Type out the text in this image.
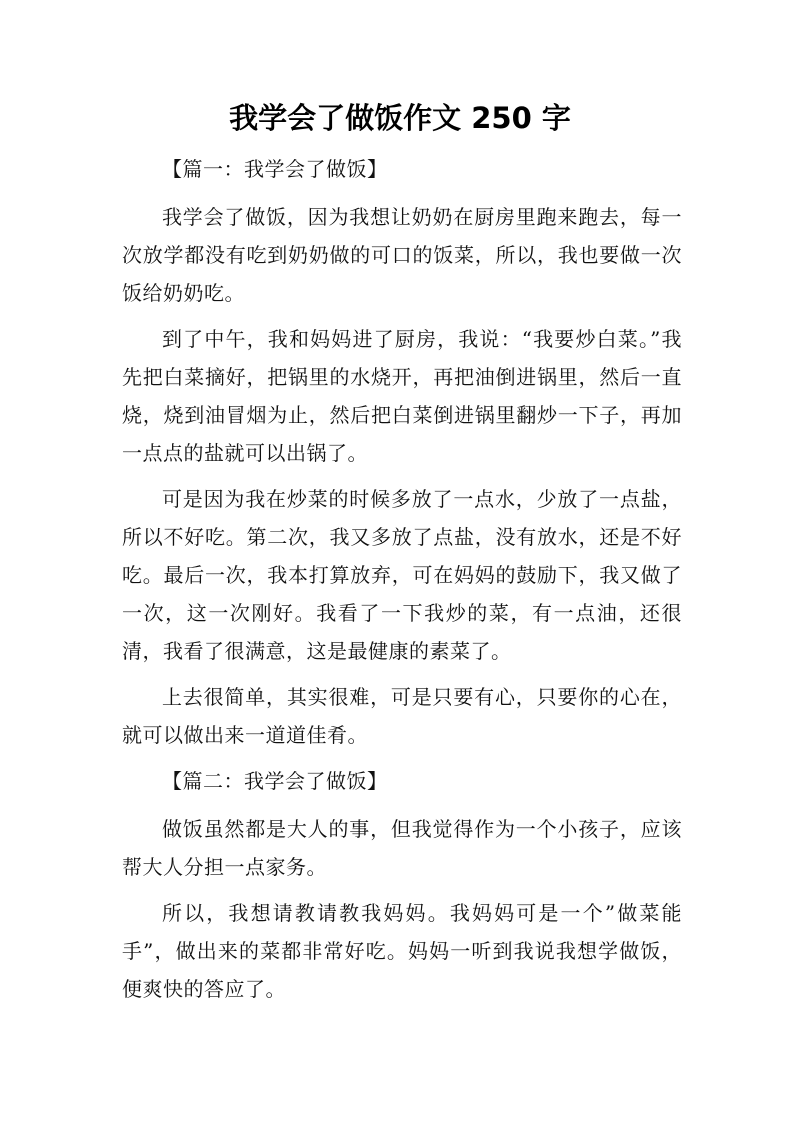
我学会了做饭作文 250 字

【篇一：我学会了做饭】

我学会了做饭，因为我想让奶奶在厨房里跑来跑去，每一次放学都没有吃到奶奶做的可口的饭菜，所以，我也要做一次饭给奶奶吃。

到了中午，我和妈妈进了厨房，我说：“我要炒白菜。”我先把白菜摘好，把锅里的水烧开，再把油倒进锅里，然后一直烧，烧到油冒烟为止，然后把白菜倒进锅里翻炒一下子，再加一点点的盐就可以出锅了。

可是因为我在炒菜的时候多放了一点水，少放了一点盐，所以不好吃。第二次，我又多放了点盐，没有放水，还是不好吃。最后一次，我本打算放弃，可在妈妈的鼓励下，我又做了一次，这一次刚好。我看了一下我炒的菜，有一点油，还很清，我看了很满意，这是最健康的素菜了。

上去很简单，其实很难，可是只要有心，只要你的心在，就可以做出来一道道佳肴。

【篇二：我学会了做饭】

做饭虽然都是大人的事，但我觉得作为一个小孩子，应该帮大人分担一点家务。

所以，我想请教请教我妈妈。我妈妈可是一个”做菜能手”，做出来的菜都非常好吃。妈妈一听到我说我想学做饭，便爽快的答应了。
